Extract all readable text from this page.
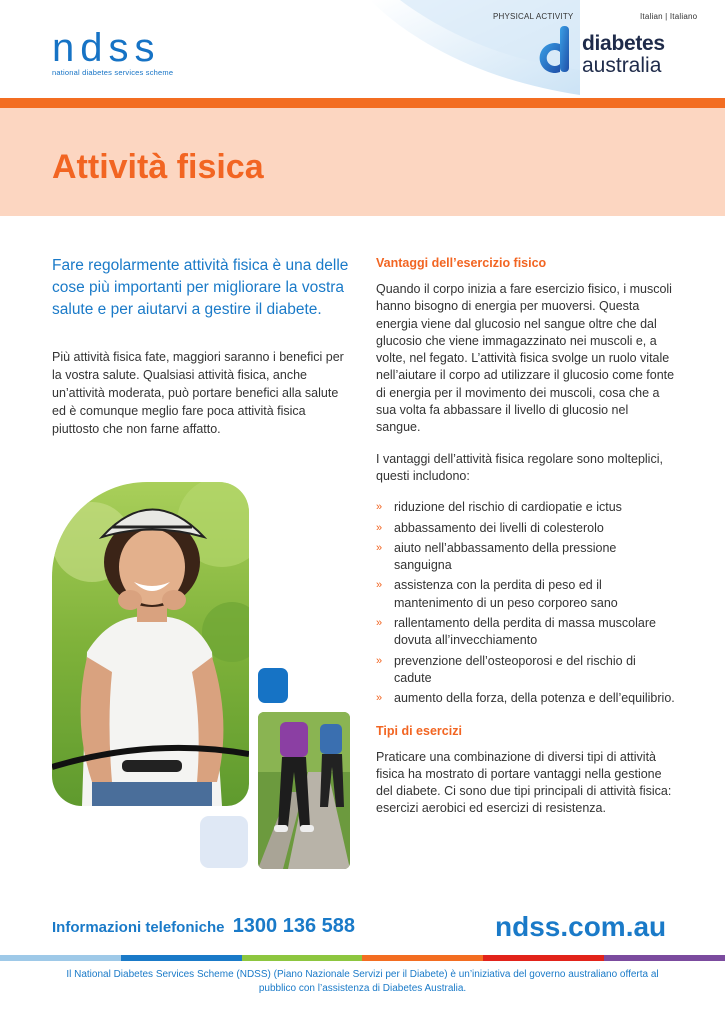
ndss
national diabetes services scheme
PHYSICAL ACTIVITY	Italian | Italiano
diabetes
australia
Attività fisica

Fare regolarmente attività fisica è una delle cose più importanti per migliorare la vostra salute e per aiutarvi a gestire il diabete.

Più attività fisica fate, maggiori saranno i benefici per la vostra salute. Qualsiasi attività fisica, anche un’attività moderata, può portare benefici alla salute ed è comunque meglio fare poca attività fisica piuttosto che non farne affatto.

Vantaggi dell’esercizio fisico

Quando il corpo inizia a fare esercizio fisico, i muscoli hanno bisogno di energia per muoversi. Questa energia viene dal glucosio nel sangue oltre che dal glucosio che viene immagazzinato nei muscoli e, a volte, nel fegato. L’attività fisica svolge un ruolo vitale nell’aiutare il corpo ad utilizzare il glucosio come fonte di energia per il movimento dei muscoli, cosa che a sua volta fa abbassare il livello di glucosio nel sangue.

I vantaggi dell’attività fisica regolare sono molteplici, questi includono:

» riduzione del rischio di cardiopatie e ictus
» abbassamento dei livelli di colesterolo
» aiuto nell’abbassamento della pressione sanguigna
» assistenza con la perdita di peso ed il mantenimento di un peso corporeo sano
» rallentamento della perdita di massa muscolare dovuta all’invecchiamento
» prevenzione dell’osteoporosi e del rischio di cadute
» aumento della forza, della potenza e dell’equilibrio.
Tipi di esercizi

Praticare una combinazione di diversi tipi di attività fisica ha mostrato di portare vantaggi nella gestione del diabete. Ci sono due tipi principali di attività fisica: esercizi aerobici ed esercizi di resistenza.

Informazioni telefoniche 1300 136 588	ndss.com.au

Il National Diabetes Services Scheme (NDSS) (Piano Nazionale Servizi per il Diabete) è un’iniziativa del governo australiano offerta al pubblico con l’assistenza di Diabetes Australia.
